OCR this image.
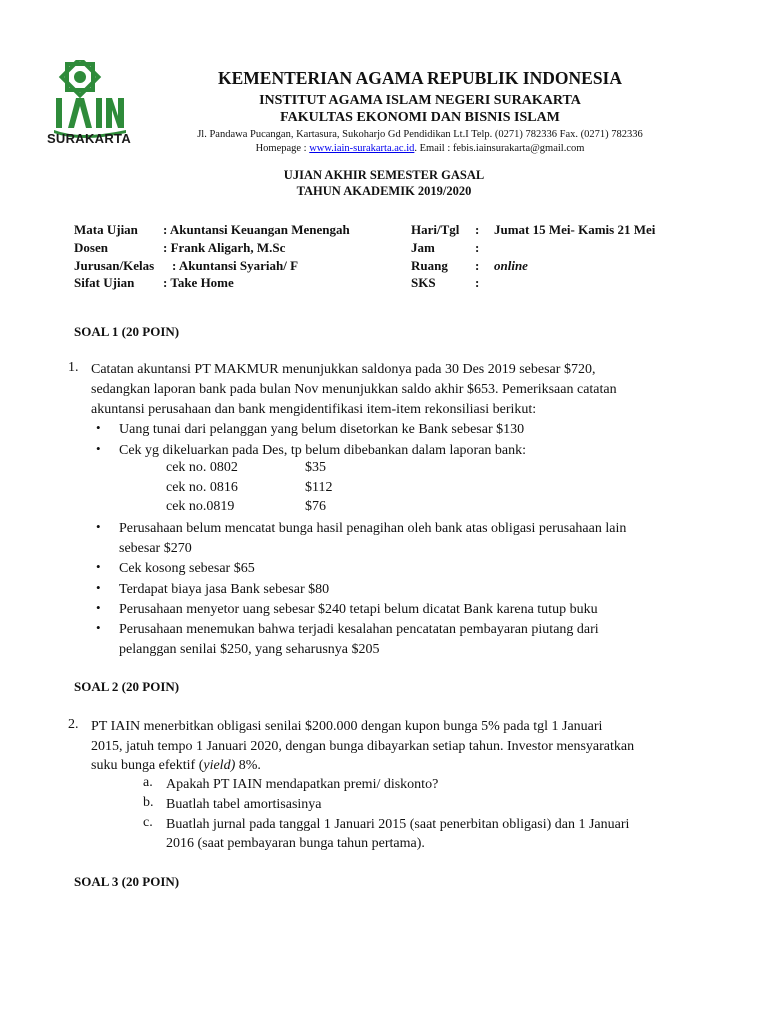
SURAKARTA
KEMENTERIAN AGAMA REPUBLIK INDONESIA
INSTITUT AGAMA ISLAM NEGERI SURAKARTA
FAKULTAS EKONOMI DAN BISNIS ISLAM
Jl. Pandawa Pucangan, Kartasura, Sukoharjo Gd Pendidikan Lt.I Telp. (0271) 782336 Fax. (0271) 782336
Homepage : www.iain-surakarta.ac.id. Email : febis.iainsurakarta@gmail.com
UJIAN AKHIR SEMESTER GASAL
TAHUN AKADEMIK 2019/2020
Mata Ujian : Akuntansi Keuangan Menengah
Dosen	: Frank Aligarh, M.Sc
Jurusan/Kelas : Akuntansi Syariah/ F
Sifat Ujian : Take Home
Hari/Tgl : Jumat 15 Mei- Kamis 21 Mei
Jam	:
Ruang : online
SKS	:
SOAL 1 (20 POIN)
1. Catatan akuntansi PT MAKMUR menunjukkan saldonya pada 30 Des 2019 sebesar $720,
sedangkan laporan bank pada bulan Nov menunjukkan saldo akhir $653. Pemeriksaan catatan
akuntansi perusahaan dan bank mengidentifikasi item-item rekonsiliasi berikut:
• Uang tunai dari pelanggan yang belum disetorkan ke Bank sebesar $130
• Cek yg dikeluarkan pada Des, tp belum dibebankan dalam laporan bank:
cek no. 0802	$35
cek no. 0816	$112
cek no.0819	$76
• Perusahaan belum mencatat bunga hasil penagihan oleh bank atas obligasi perusahaan lain
sebesar $270
• Cek kosong sebesar $65
• Terdapat biaya jasa Bank sebesar $80
• Perusahaan menyetor uang sebesar $240 tetapi belum dicatat Bank karena tutup buku
• Perusahaan menemukan bahwa terjadi kesalahan pencatatan pembayaran piutang dari
pelanggan senilai $250, yang seharusnya $205
SOAL 2 (20 POIN)
2. PT IAIN menerbitkan obligasi senilai $200.000 dengan kupon bunga 5% pada tgl 1 Januari
2015, jatuh tempo 1 Januari 2020, dengan bunga dibayarkan setiap tahun. Investor mensyaratkan
suku bunga efektif (yield) 8%.
a. Apakah PT IAIN mendapatkan premi/ diskonto?
b. Buatlah tabel amortisasinya
c. Buatlah jurnal pada tanggal 1 Januari 2015 (saat penerbitan obligasi) dan 1 Januari
2016 (saat pembayaran bunga tahun pertama).
SOAL 3 (20 POIN)
